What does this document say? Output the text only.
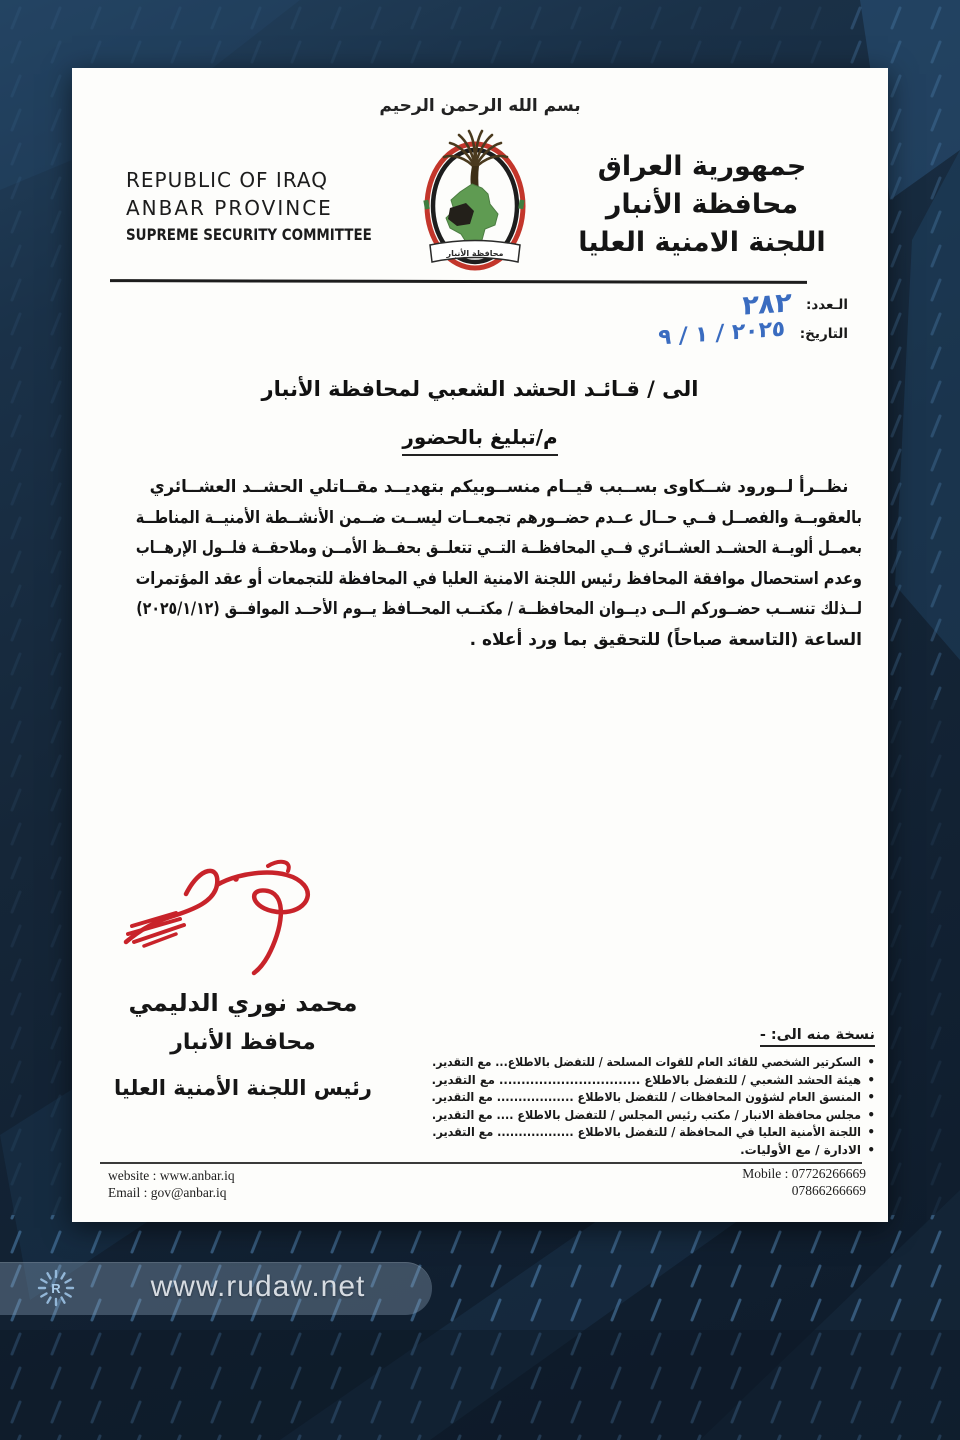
بسم الله الرحمن الرحيم
REPUBLIC OF IRAQ
ANBAR PROVINCE
SUPREME SECURITY COMMITTEE
محافظة الأنبار
جمهورية العراق
محافظة الأنبار
اللجنة الامنية العليا
الـعدد:
٢٨٢
التاريخ:
٢٠٢٥ / ١ / ٩
الى / قـائـد الحشد الشعبي لمحافظة الأنبار
م/تبليغ بالحضور
نظــرأ لــورود شــكاوى بســبب قيــام منســوبيكم بتهديــد مقــاتلي الحشــد العشــائري
بالعقوبــة والفصــل فــي حــال عــدم حضــورهم تجمعــات ليســت ضــمن الأنشــطة الأمنيــة المناطــة
بعمــل ألويــة الحشــد العشــائري فــي المحافظــة التــي تتعلــق بحفــظ الأمــن وملاحقــة فلــول الإرهــاب
وعدم استحصال موافقة المحافظ رئيس اللجنة الامنية العليا في المحافظة للتجمعات أو عقد المؤتمرات
لــذلك تنســب حضــوركم الــى ديــوان المحافظــة / مكتــب المحــافظ يــوم الأحــد الموافــق (٢٠٢٥/١/١٢)
الساعة (التاسعة صباحاً) للتحقيق بما ورد أعلاه .
محمد نوري الدليمي
محافظ الأنبار
رئيس اللجنة الأمنية العليا
نسخة منه الى: -
•
السكرتير الشخصي للقائد العام للقوات المسلحة / للتفضل بالاطلاع... مع التقدير.
•
هيئة الحشد الشعبي / للتفضل بالاطلاع ................................ مع التقدير.
•
المنسق العام لشؤون المحافظات / للتفضل بالاطلاع .................. مع التقدير.
•
مجلس محافظة الانبار / مكتب رئيس المجلس / للتفضل بالاطلاع .... مع التقدير.
•
اللجنة الأمنية العليا في المحافظة / للتفضل بالاطلاع .................. مع التقدير.
•
الادارة / مع الأوليات.
website : www.anbar.iq
Email : gov@anbar.iq
Mobile : 07726266669
07866266669
R	www.rudaw.net
